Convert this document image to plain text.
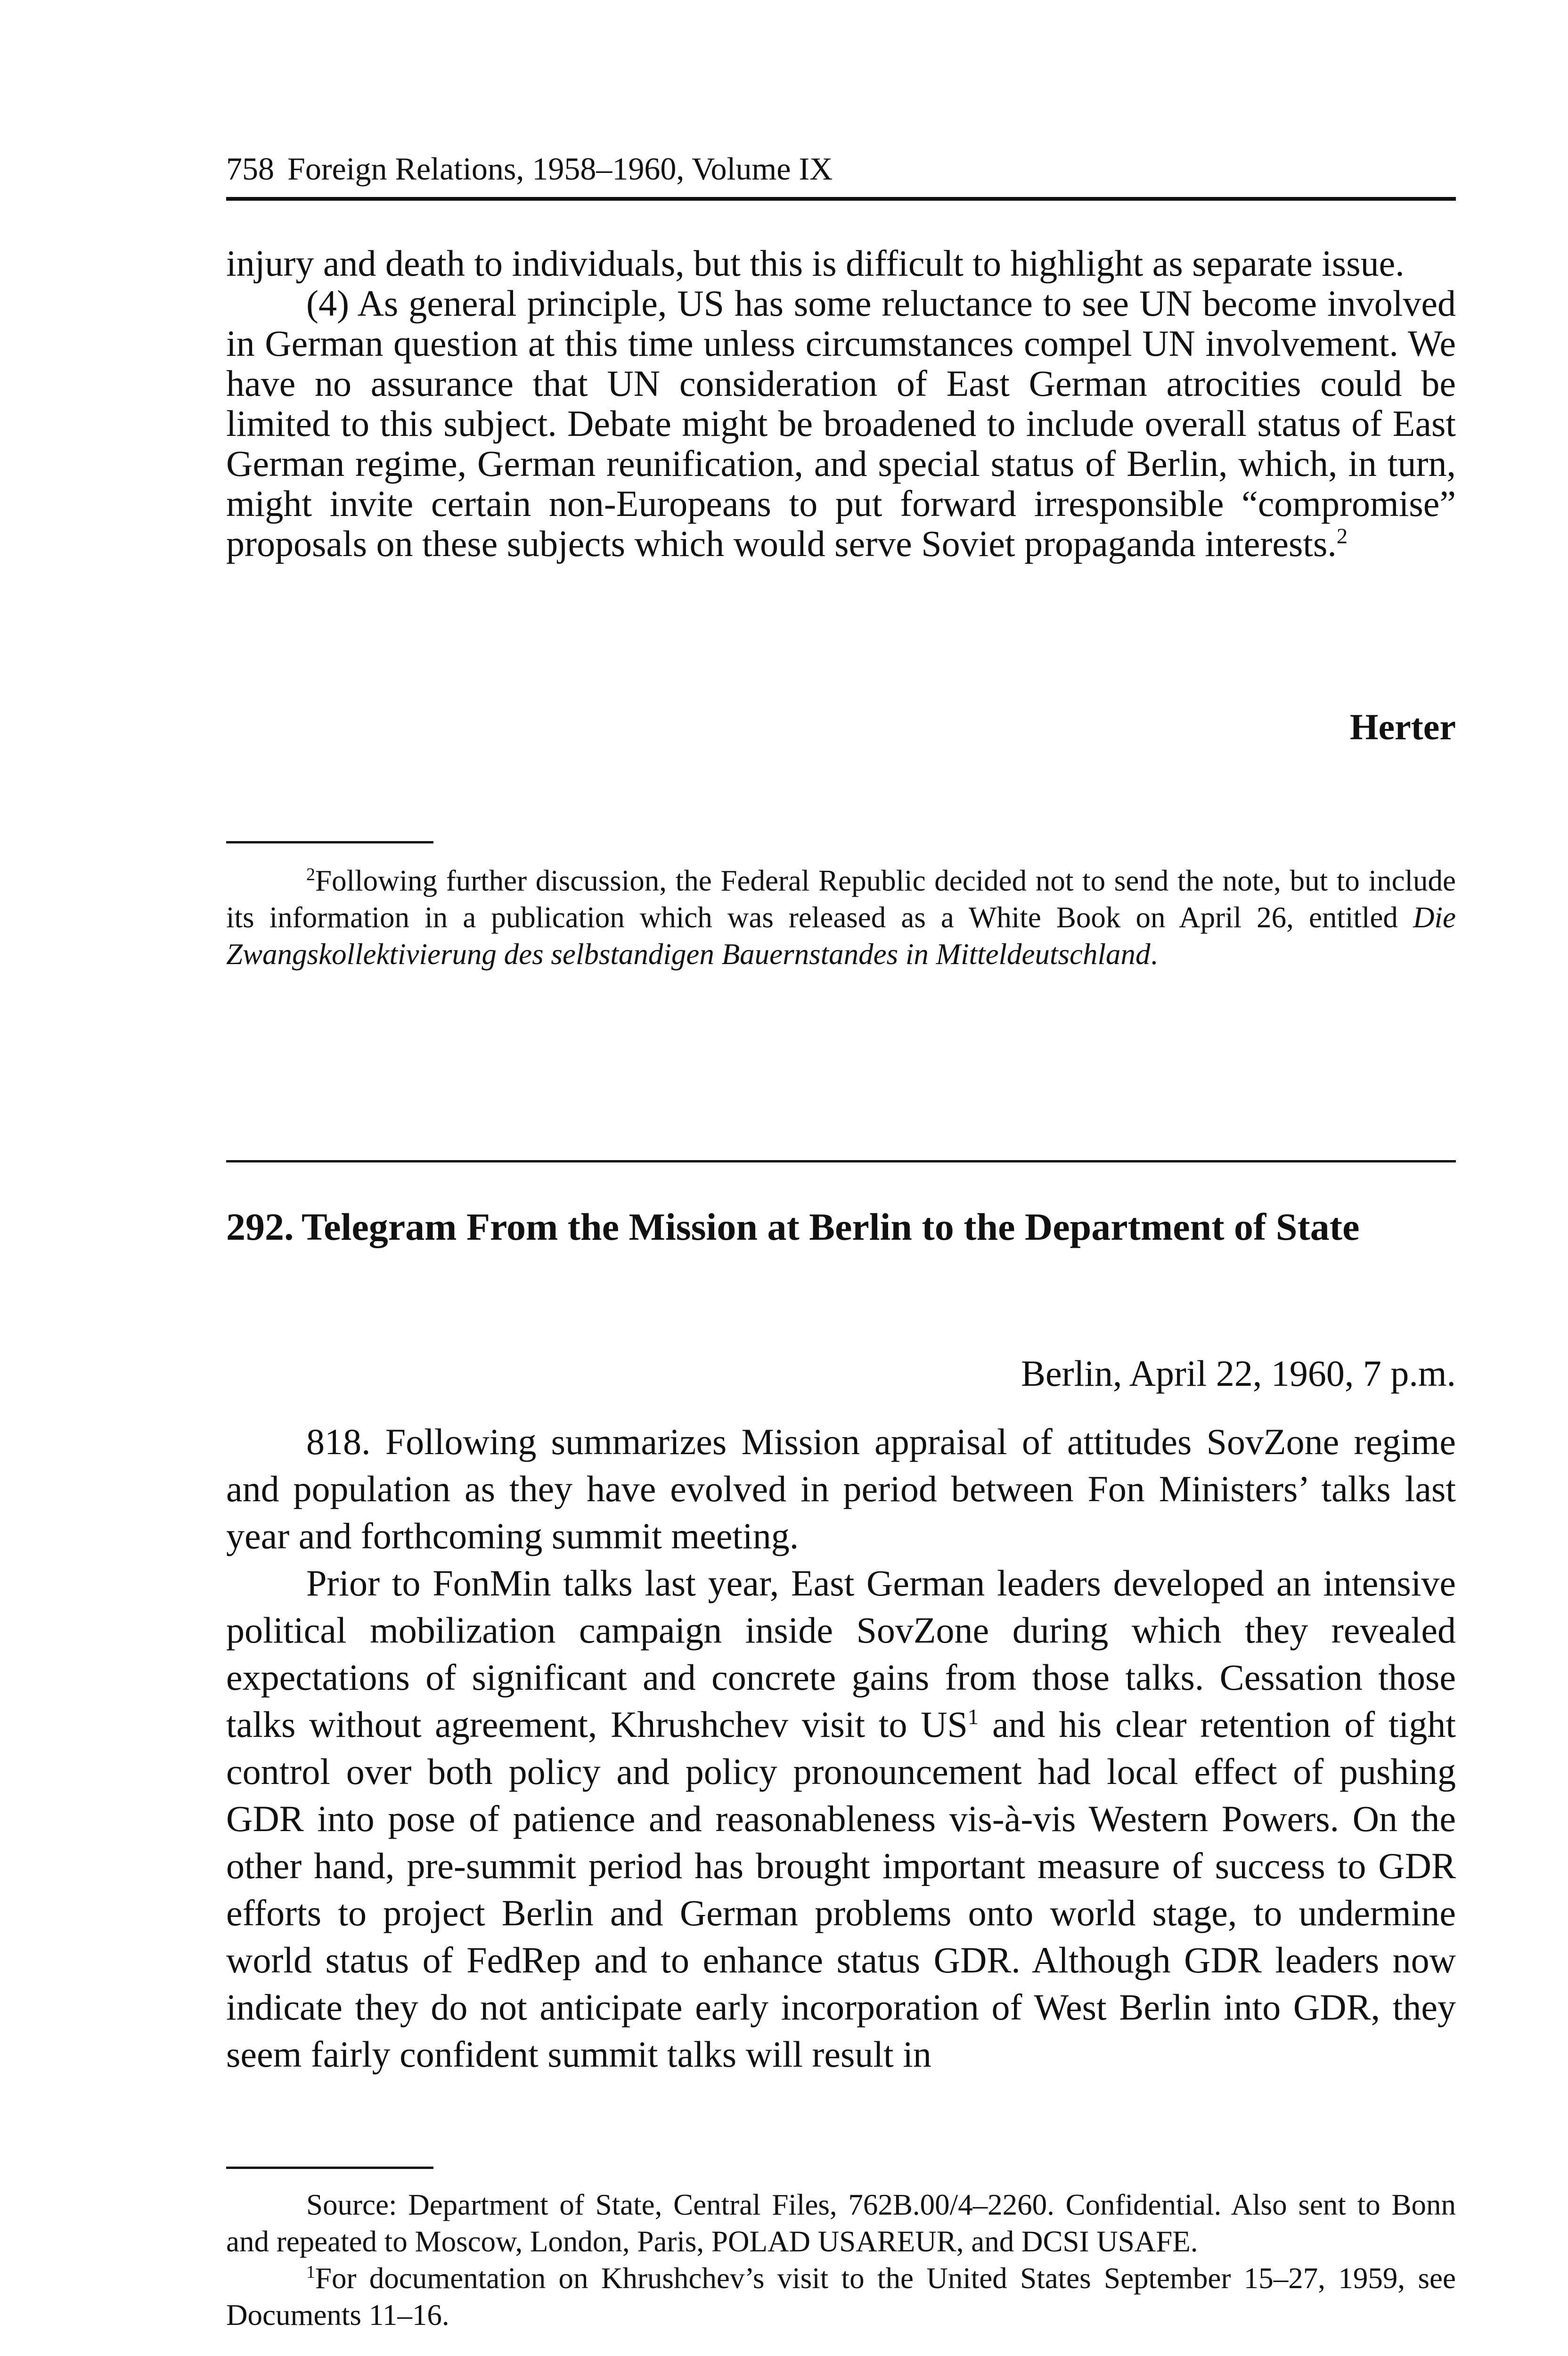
758 Foreign Relations, 1958–1960, Volume IX

injury and death to individuals, but this is difficult to highlight as separate issue.

(4) As general principle, US has some reluctance to see UN become involved in German question at this time unless circumstances compel UN involvement. We have no assurance that UN consideration of East German atrocities could be limited to this subject. Debate might be broadened to include overall status of East German regime, German reunification, and special status of Berlin, which, in turn, might invite certain non-Europeans to put forward irresponsible “compromise” proposals on these subjects which would serve Soviet propaganda interests.$^2$

Herter

$^2$Following further discussion, the Federal Republic decided not to send the note, but to include its information in a publication which was released as a White Book on April 26, entitled Die Zwangskollektivierung des selbstandigen Bauernstandes in Mitteldeutschland.

292. Telegram From the Mission at Berlin to the Department of State
Berlin, April 22, 1960, 7 p.m.

818. Following summarizes Mission appraisal of attitudes SovZone regime and population as they have evolved in period between Fon Ministers’ talks last year and forthcoming summit meeting.

Prior to FonMin talks last year, East German leaders developed an intensive political mobilization campaign inside SovZone during which they revealed expectations of significant and concrete gains from those talks. Cessation those talks without agreement, Khrushchev visit to $US^1$ and his clear retention of tight control over both policy and policy pronouncement had local effect of pushing GDR into pose of patience and reasonableness vis-à-vis Western Powers. On the other hand, pre-summit period has brought important measure of success to GDR efforts to project Berlin and German problems onto world stage, to undermine world status of FedRep and to enhance status GDR. Although GDR leaders now indicate they do not anticipate early incorporation of West Berlin into GDR, they seem fairly confident summit talks will result in

Source: Department of State, Central Files, 762B.00/4–2260. Confidential. Also sent to Bonn and repeated to Moscow, London, Paris, POLAD USAREUR, and DCSI USAFE.

$^1$For documentation on Khrushchev’s visit to the United States September 15–27, 1959, see Documents 11–16.
